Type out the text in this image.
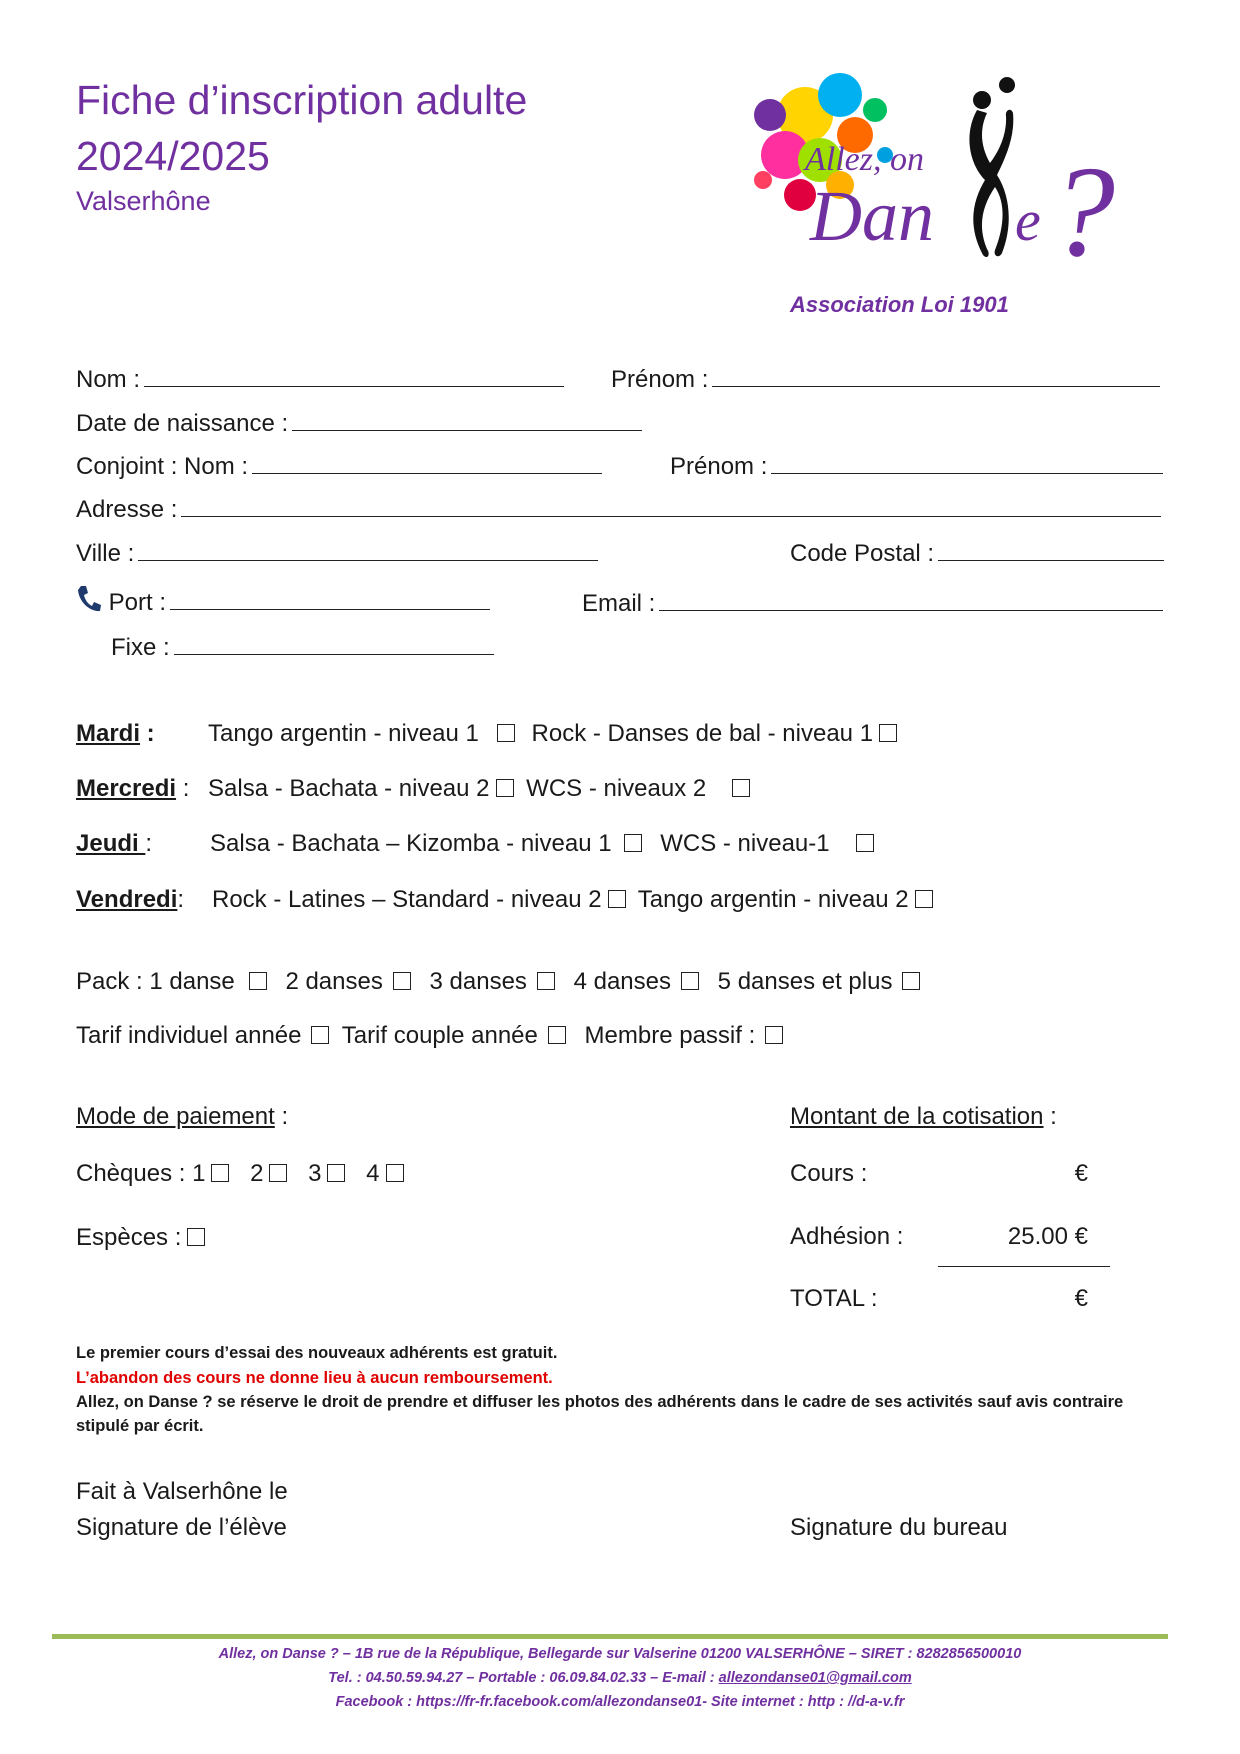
Fiche d’inscription adulte
2024/2025
Valserhône
Allez, on
Dan e ?
Association Loi 1901
Nom :	Prénom :
Date de naissance :
Conjoint : Nom :	Prénom :
Adresse :
Ville :	Code Postal :
Port :	Email :
Fixe :
Mardi : Tango argentin - niveau 1 Rock - Danses de bal - niveau 1
Mercredi : Salsa - Bachata - niveau 2 WCS - niveaux 2
Jeudi : Salsa - Bachata – Kizomba - niveau 1 WCS - niveau-1
Vendredi: Rock - Latines – Standard - niveau 2 Tango argentin - niveau 2
Pack : 1 danse 2 danses 3 danses 4 danses 5 danses et plus
Tarif individuel année Tarif couple année Membre passif :
Mode de paiement :
Chèques : 1 2 3 4
Espèces :
Montant de la cotisation :
Cours :	€
Adhésion :	25.00 €
TOTAL :	€
Le premier cours d’essai des nouveaux adhérents est gratuit.
L’abandon des cours ne donne lieu à aucun remboursement.
Allez, on Danse ? se réserve le droit de prendre et diffuser les photos des adhérents dans le cadre de ses activités sauf avis contraire stipulé par écrit.
Fait à Valserhône le
Signature de l’élève	Signature du bureau
Allez, on Danse ? – 1B rue de la République, Bellegarde sur Valserine 01200 VALSERHÔNE – SIRET : 8282856500010
Tel. : 04.50.59.94.27 – Portable : 06.09.84.02.33 – E-mail : allezondanse01@gmail.com
Facebook : https://fr-fr.facebook.com/allezondanse01- Site internet : http : //d-a-v.fr
